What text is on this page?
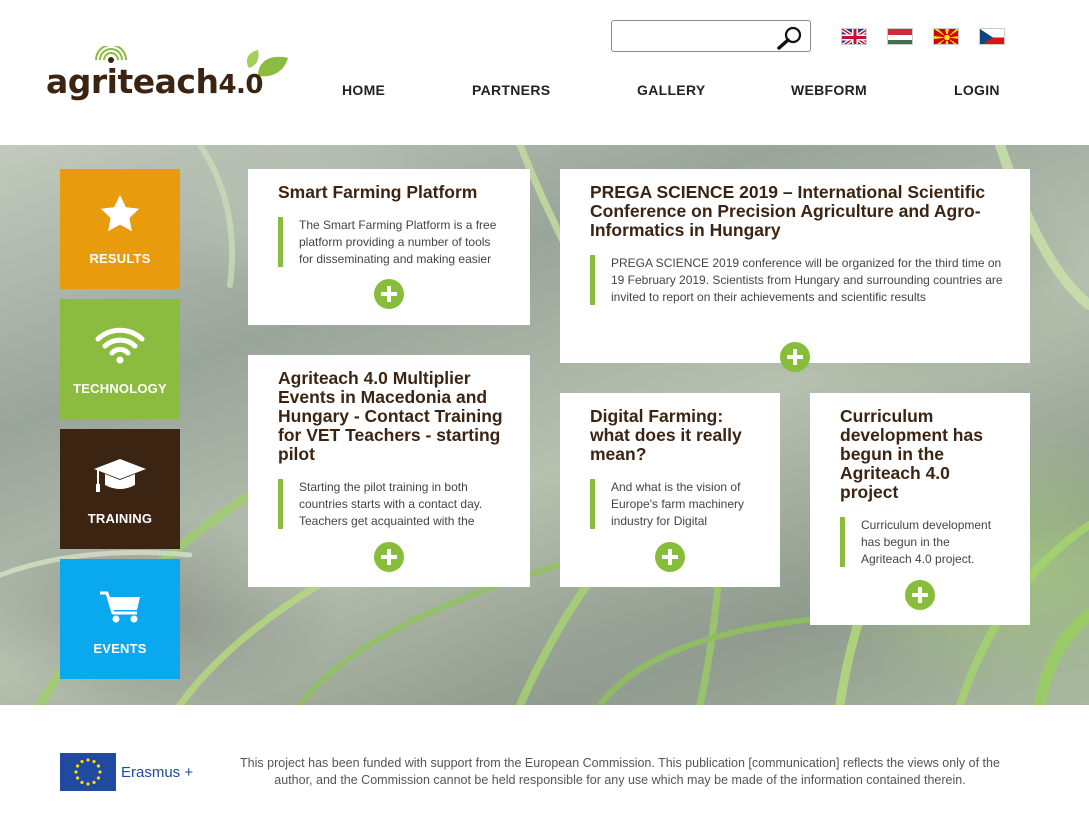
agriteach4.0	HOME	PARTNERS	GALLERY	WEBFORM	LOGIN
RESULTS
TECHNOLOGY
TRAINING
EVENTS
Smart Farming Platform
The Smart Farming Platform is a free platform providing a number of tools for disseminating and making easier
PREGA SCIENCE 2019 – International Scientific Conference on Precision Agriculture and Agro-Informatics in Hungary
PREGA SCIENCE 2019 conference will be organized for the third time on 19 February 2019. Scientists from Hungary and surrounding countries are invited to report on their achievements and scientific results
Agriteach 4.0 Multiplier Events in Macedonia and Hungary - Contact Training for VET Teachers - starting pilot
Starting the pilot training in both countries starts with a contact day. Teachers get acquainted with the
Digital Farming: what does it really mean?
And what is the vision of Europe's farm machinery industry for Digital
Curriculum development has begun in the Agriteach 4.0 project
Curriculum development has begun in the Agriteach 4.0 project.
Erasmus +
This project has been funded with support from the European Commission. This publication [communication] reflects the views only of the author, and the Commission cannot be held responsible for any use which may be made of the information contained therein.
